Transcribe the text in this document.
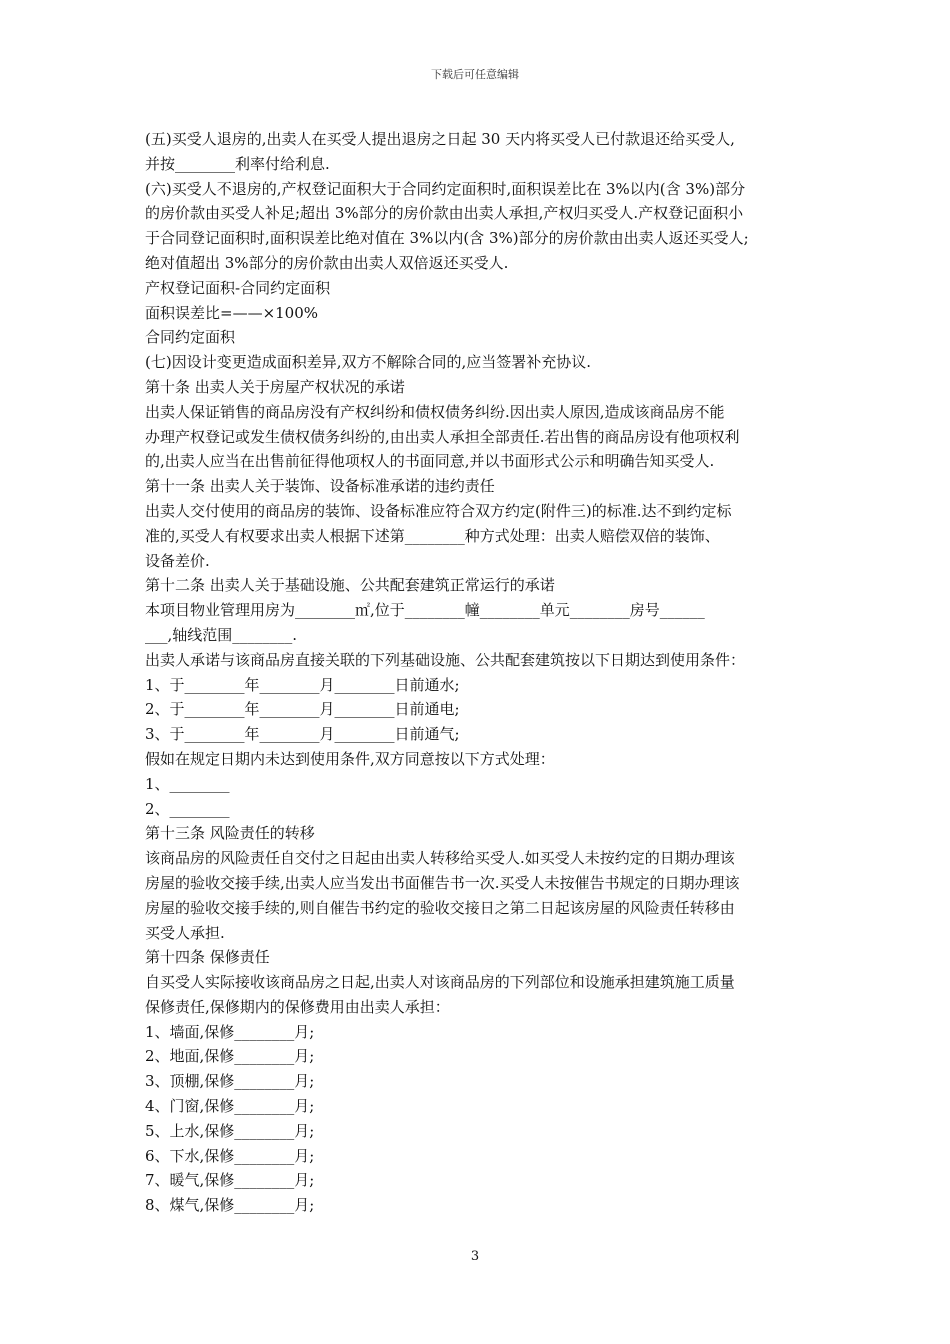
下载后可任意编辑
(五)买受人退房的,出卖人在买受人提出退房之日起 30 天内将买受人已付款退还给买受人,
并按________利率付给利息.
(六)买受人不退房的,产权登记面积大于合同约定面积时,面积误差比在 3%以内(含 3%)部分
的房价款由买受人补足;超出 3%部分的房价款由出卖人承担,产权归买受人.产权登记面积小
于合同登记面积时,面积误差比绝对值在 3%以内(含 3%)部分的房价款由出卖人返还买受人;
绝对值超出 3%部分的房价款由出卖人双倍返还买受人.
产权登记面积-合同约定面积
面积误差比=——×100%
合同约定面积
(七)因设计变更造成面积差异,双方不解除合同的,应当签署补充协议.
第十条 出卖人关于房屋产权状况的承诺
出卖人保证销售的商品房没有产权纠纷和债权债务纠纷.因出卖人原因,造成该商品房不能
办理产权登记或发生债权债务纠纷的,由出卖人承担全部责任.若出售的商品房设有他项权利
的,出卖人应当在出售前征得他项权人的书面同意,并以书面形式公示和明确告知买受人.
第十一条 出卖人关于装饰、设备标准承诺的违约责任
出卖人交付使用的商品房的装饰、设备标准应符合双方约定(附件三)的标准.达不到约定标
准的,买受人有权要求出卖人根据下述第________种方式处理：出卖人赔偿双倍的装饰、
设备差价.
第十二条 出卖人关于基础设施、公共配套建筑正常运行的承诺
本项目物业管理用房为________㎡,位于________幢________单元________房号______
___,轴线范围________.
出卖人承诺与该商品房直接关联的下列基础设施、公共配套建筑按以下日期达到使用条件：
1、于________年________月________日前通水;
2、于________年________月________日前通电;
3、于________年________月________日前通气;
假如在规定日期内未达到使用条件,双方同意按以下方式处理：
1、________
2、________
第十三条 风险责任的转移
该商品房的风险责任自交付之日起由出卖人转移给买受人.如买受人未按约定的日期办理该
房屋的验收交接手续,出卖人应当发出书面催告书一次.买受人未按催告书规定的日期办理该
房屋的验收交接手续的,则自催告书约定的验收交接日之第二日起该房屋的风险责任转移由
买受人承担.
第十四条 保修责任
自买受人实际接收该商品房之日起,出卖人对该商品房的下列部位和设施承担建筑施工质量
保修责任,保修期内的保修费用由出卖人承担：
1、墙面,保修________月;
2、地面,保修________月;
3、顶棚,保修________月;
4、门窗,保修________月;
5、上水,保修________月;
6、下水,保修________月;
7、暖气,保修________月;
8、煤气,保修________月;
3
